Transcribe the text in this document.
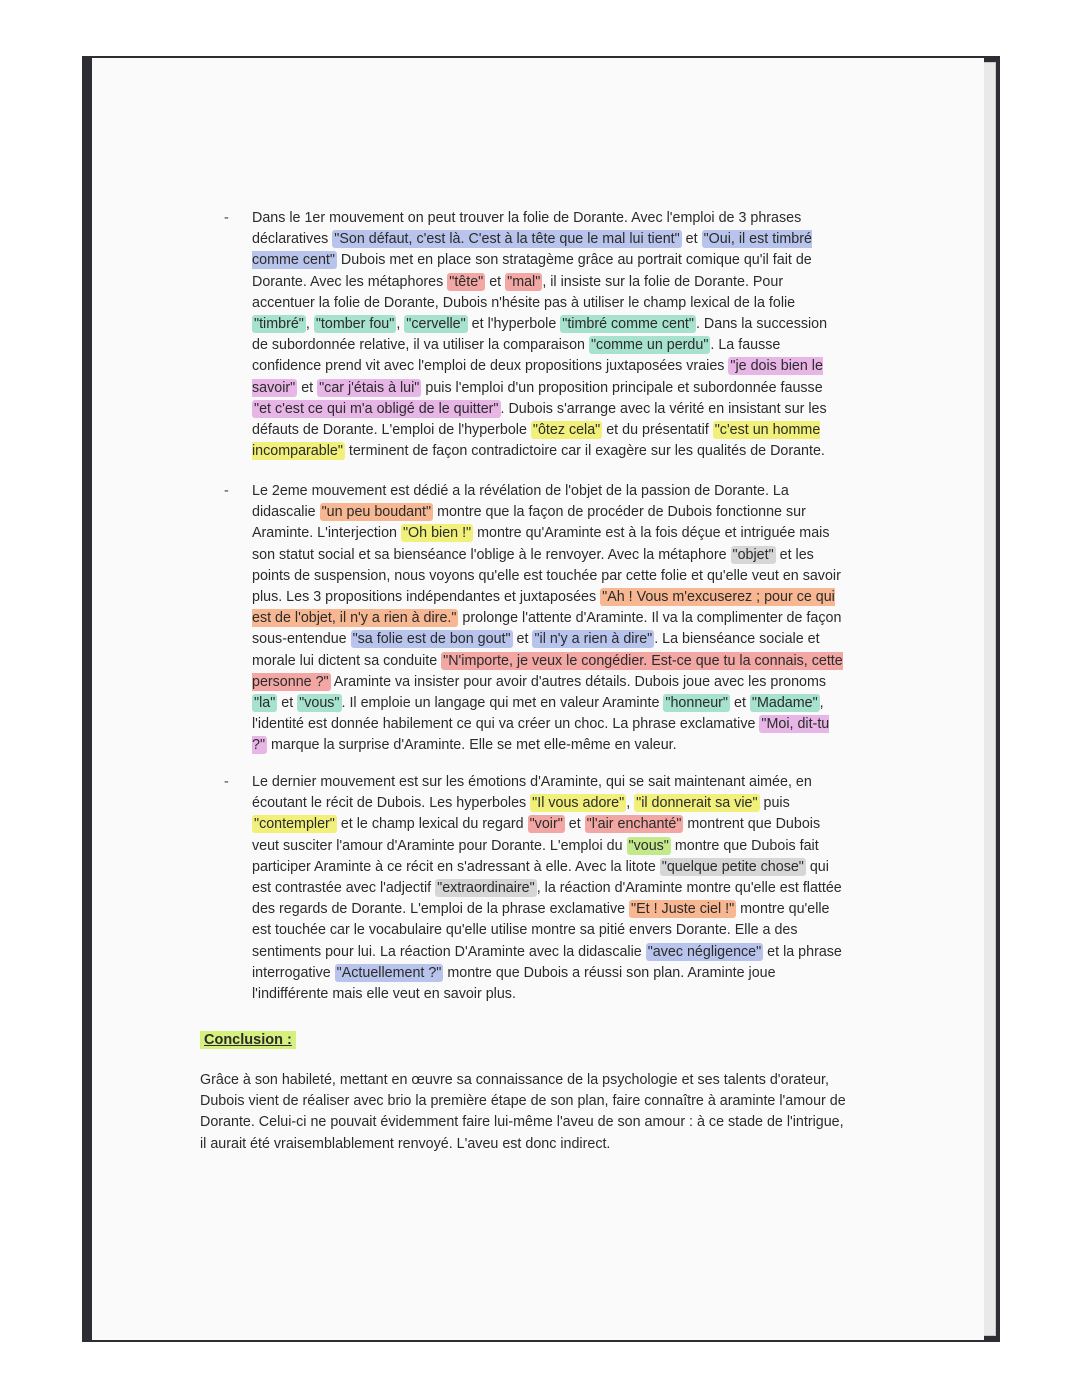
- Dans le 1er mouvement on peut trouver la folie de Dorante. Avec l'emploi de 3 phrases déclaratives "Son défaut, c'est là. C'est à la tête que le mal lui tient" et "Oui, il est timbré comme cent" Dubois met en place son stratagème grâce au portrait comique qu'il fait de Dorante. Avec les métaphores "tête" et "mal" , il insiste sur la folie de Dorante. Pour accentuer la folie de Dorante, Dubois n'hésite pas à utiliser le champ lexical de la folie "timbré" , "tomber fou" , "cervelle" et l'hyperbole "timbré comme cent" . Dans la succession de subordonnée relative, il va utiliser la comparaison "comme un perdu" . La fausse confidence prend vit avec l'emploi de deux propositions juxtaposées vraies "je dois bien le savoir" et "car j'étais à lui" puis l'emploi d'un proposition principale et subordonnée fausse "et c'est ce qui m'a obligé de le quitter" . Dubois s'arrange avec la vérité en insistant sur les défauts de Dorante. L'emploi de l'hyperbole "ôtez cela" et du présentatif "c'est un homme incomparable" terminent de façon contradictoire car il exagère sur les qualités de Dorante.
- Le 2eme mouvement est dédié a la révélation de l'objet de la passion de Dorante. La didascalie "un peu boudant" montre que la façon de procéder de Dubois fonctionne sur Araminte. L'interjection "Oh bien !" montre qu'Araminte est à la fois déçue et intriguée mais son statut social et sa bienséance l'oblige à le renvoyer. Avec la métaphore "objet" et les points de suspension, nous voyons qu'elle est touchée par cette folie et qu'elle veut en savoir plus. Les 3 propositions indépendantes et juxtaposées "Ah ! Vous m'excuserez ; pour ce qui est de l'objet, il n'y a rien à dire." prolonge l'attente d'Araminte. Il va la complimenter de façon sous-entendue "sa folie est de bon gout" et "il n'y a rien à dire" . La bienséance sociale et morale lui dictent sa conduite "N'importe, je veux le congédier. Est-ce que tu la connais, cette personne ?" Araminte va insister pour avoir d'autres détails. Dubois joue avec les pronoms "la" et "vous" . Il emploie un langage qui met en valeur Araminte "honneur" et "Madame" , l'identité est donnée habilement ce qui va créer un choc. La phrase exclamative "Moi, dit-tu ?" marque la surprise d'Araminte. Elle se met elle-même en valeur.
- Le dernier mouvement est sur les émotions d'Araminte, qui se sait maintenant aimée, en écoutant le récit de Dubois. Les hyperboles "Il vous adore" , "il donnerait sa vie" puis "contempler" et le champ lexical du regard "voir" et "l'air enchanté" montrent que Dubois veut susciter l'amour d'Araminte pour Dorante. L'emploi du "vous" montre que Dubois fait participer Araminte à ce récit en s'adressant à elle. Avec la litote "quelque petite chose" qui est contrastée avec l'adjectif "extraordinaire" , la réaction d'Araminte montre qu'elle est flattée des regards de Dorante. L'emploi de la phrase exclamative "Et ! Juste ciel !" montre qu'elle est touchée car le vocabulaire qu'elle utilise montre sa pitié envers Dorante. Elle a des sentiments pour lui. La réaction D'Araminte avec la didascalie "avec négligence" et la phrase interrogative "Actuellement ?" montre que Dubois a réussi son plan. Araminte joue l'indifférente mais elle veut en savoir plus.
Conclusion :
Grâce à son habileté, mettant en œuvre sa connaissance de la psychologie et ses talents d'orateur, Dubois vient de réaliser avec brio la première étape de son plan, faire connaître à araminte l'amour de Dorante. Celui-ci ne pouvait évidemment faire lui-même l'aveu de son amour : à ce stade de l'intrigue, il aurait été vraisemblablement renvoyé. L'aveu est donc indirect.
